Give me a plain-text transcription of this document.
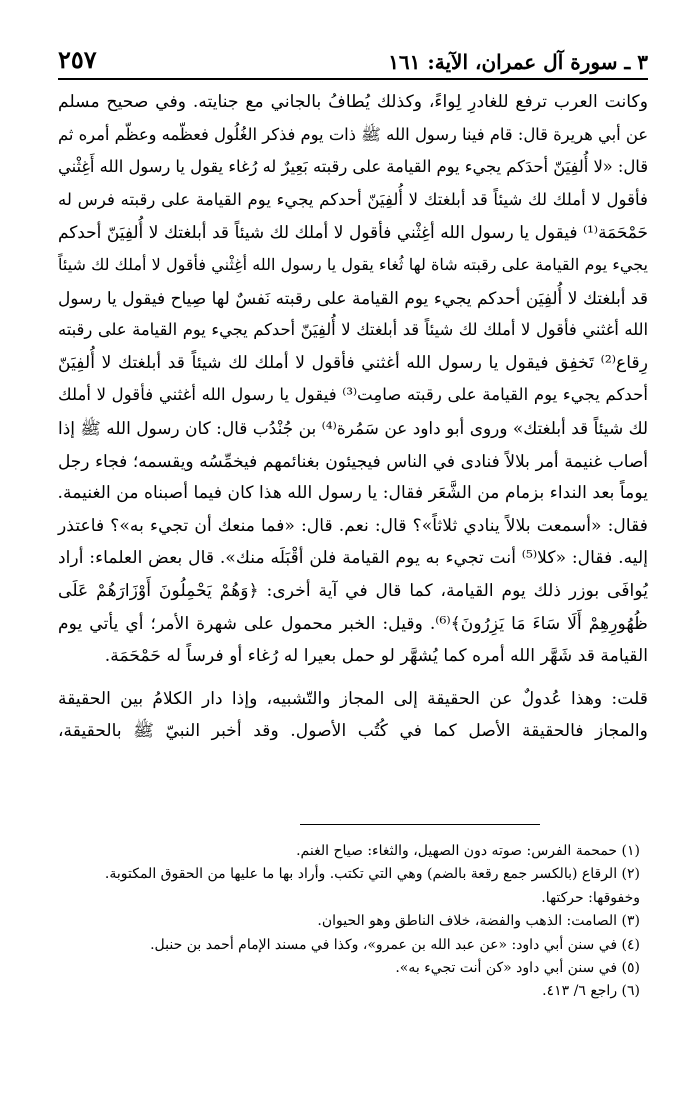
٣ ـ سورة آل عمران، الآية: ١٦١
٢٥٧

وكانت العرب ترفع للغادرِ لِواءً، وكذلك يُطافُ بالجاني مع جنايته. وفي صحيح مسلم
عن أبي هريرة قال: قام فينا رسول الله ﷺ ذات يوم فذكر الغُلُول فعظّمه وعظّم أمره ثم
قال: «لا أُلفِيَنّ أحدَكم يجيء يوم القيامة على رقبته بَعِيرٌ له رُغاء يقول يا رسول الله أَغِثْني
فأقول لا أملك لك شيئاً قد أبلغتك لا أُلفِيَنّ أحدكم يجيء يوم القيامة على رقبته فرس له
حَمْحَمَة⁽¹⁾ فيقول يا رسول الله أغِثْني فأقول لا أملك لك شيئاً قد أبلغتك لا أُلفِيَنّ أحدكم
يجيء يوم القيامة على رقبته شاة لها ثُغاء يقول يا رسول الله أغِثْني فأقول لا أملك لك شيئاً
قد أبلغتك لا أُلفِيَن أحدكم يجيء يوم القيامة على رقبته نَفسٌ لها صِياح فيقول يا رسول
الله أغثني فأقول لا أملك لك شيئاً قد أبلغتك لا أُلفِيَنّ أحدكم يجيء يوم القيامة على رقبته
رِقاع⁽²⁾ تَخفِق فيقول يا رسول الله أغثني فأقول لا أملك لك شيئاً قد أبلغتك لا أُلفِيَنّ
أحدكم يجيء يوم القيامة على رقبته صامِت⁽³⁾ فيقول يا رسول الله أغثني فأقول لا أملك
لك شيئاً قد أبلغتك» وروى أبو داود عن سَمُرة⁽⁴⁾ بن جُنْدُب قال: كان رسول الله ﷺ إذا
أصاب غنيمة أمر بلالاً فنادى في الناس فيجيئون بغنائمهم فيخمِّسُه ويقسمه؛ فجاء رجل
يوماً بعد النداء بزمام من الشَّعَر فقال: يا رسول الله هذا كان فيما أصبناه من الغنيمة.
فقال: «أسمعت بلالاً ينادي ثلاثاً»؟ قال: نعم. قال: «فما منعك أن تجيء به»؟ فاعتذر
إليه. فقال: «كلا⁽⁵⁾ أنت تجيء به يوم القيامة فلن أقْبَلَه منك». قال بعض العلماء: أراد
يُوافَى بوزر ذلك يوم القيامة، كما قال في آية أخرى: ﴿وَهُمْ يَحْمِلُونَ أَوْزَارَهُمْ عَلَى
ظُهُورِهِمْ أَلَا سَاءَ مَا يَزِرُونَ﴾⁽⁶⁾. وقيل: الخبر محمول على شهرة الأمر؛ أي يأتي يوم
القيامة قد شَهَّر الله أمره كما يُشهَّر لو حمل بعيرا له رُغاء أو فرساً له حَمْحَمَة.

قلت: وهذا عُدولٌ عن الحقيقة إلى المجاز والتّشبيه، وإذا دار الكلامُ بين الحقيقة
والمجاز فالحقيقة الأصل كما في كُتُب الأصول. وقد أخبر النبيّ ﷺ بالحقيقة،

(١) حمحمة الفرس: صوته دون الصهيل، والثغاء: صياح الغنم.
(٢) الرقاع (بالكسر جمع رقعة بالضم) وهي التي تكتب. وأراد بها ما عليها من الحقوق المكتوبة.
وخفوقها: حركتها.
(٣) الصامت: الذهب والفضة، خلاف الناطق وهو الحيوان.
(٤) في سنن أبي داود: «عن عبد الله بن عمرو»، وكذا في مسند الإمام أحمد بن حنبل.
(٥) في سنن أبي داود «كن أنت تجيء به».
(٦) راجع ٦/ ٤١٣.
